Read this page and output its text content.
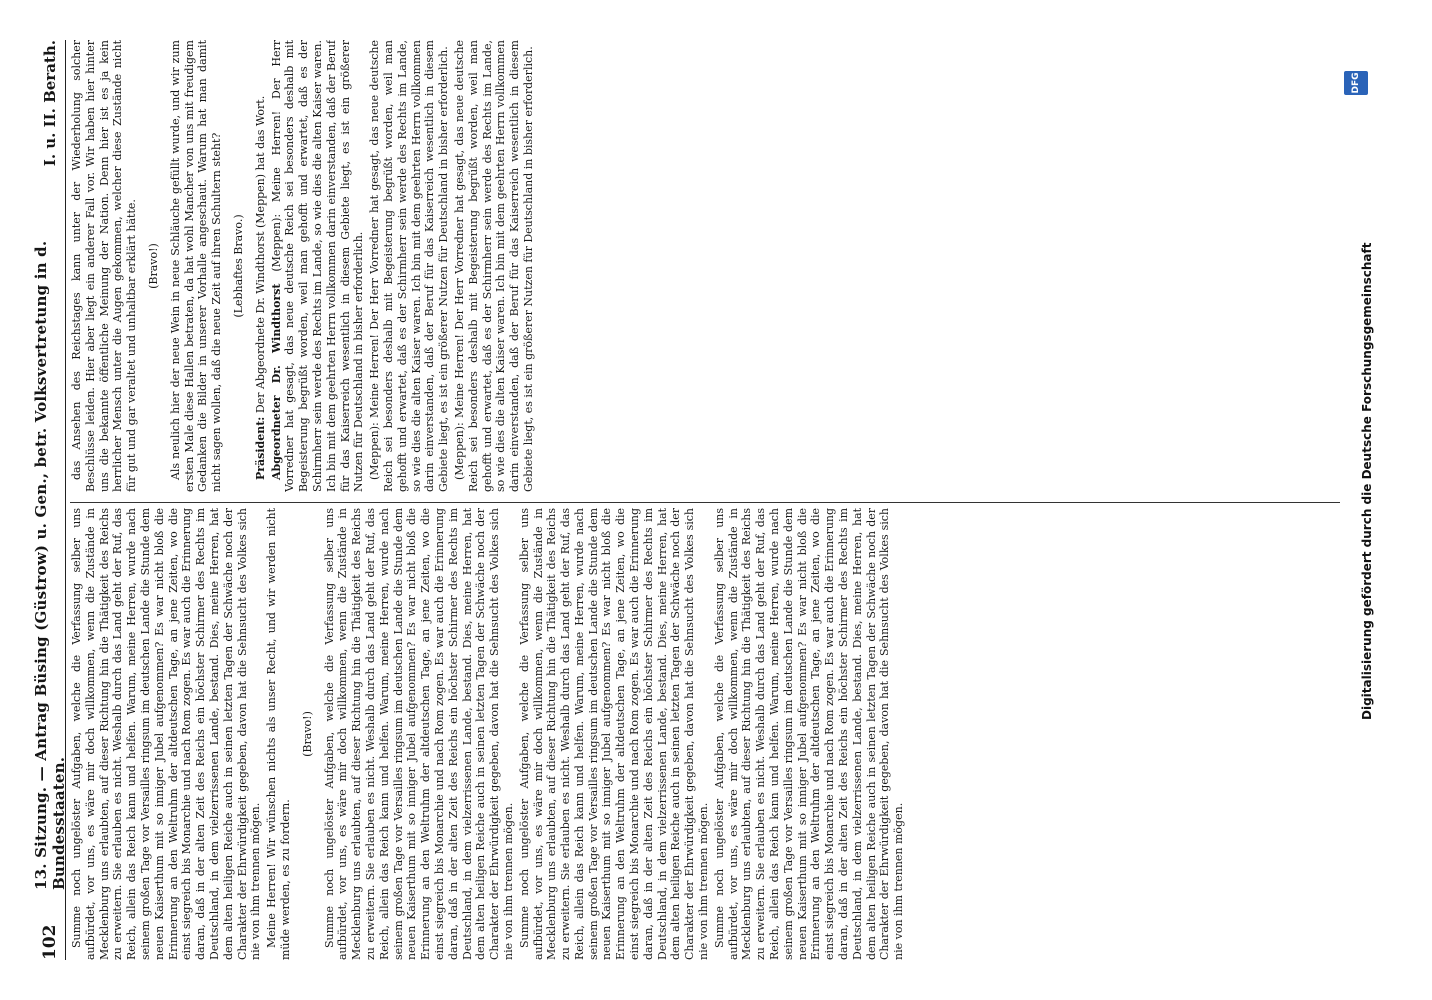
102
13. Sitzung. — Antrag Büsing (Güstrow) u. Gen., betr. Volksvertretung in d. Bundesstaaten.
I. u. II. Berath.

Summe noch ungelöster Aufgaben, welche die Verfassung selber uns aufbürdet, vor uns, es wäre mir doch willkommen, wenn die Zustände in Mecklenburg uns erlaubten, auf dieser Richtung hin die Thätigkeit des Reichs zu erweitern. Sie erlauben es nicht. Weshalb durch das Land geht der Ruf, das Reich, allein das Reich kann und helfen. Warum, meine Herren, wurde nach seinem großen Tage vor Versailles ringsum im deutschen Lande die Stunde dem neuen Kaiserthum mit so inniger Jubel aufgenommen? Es war nicht bloß die Erinnerung an den Weltruhm der altdeutschen Tage, an jene Zeiten, wo die einst siegreich bis Monarchie und nach Rom zogen. Es war auch die Erinnerung daran, daß in der alten Zeit des Reichs ein höchster Schirmer des Rechts im Deutschland, in dem vielzerrissenen Lande, bestand. Dies, meine Herren, hat dem alten heiligen Reiche auch in seinen letzten Tagen der Schwäche noch der Charakter der Ehrwürdigkeit gegeben, davon hat die Sehnsucht des Volkes sich nie von ihm trennen mögen. Meine Herren! Wir wünschen nichts als unser Recht, und wir werden nicht müde werden, es zu fordern.

(Bravo!) Summe noch ungelöster Aufgaben, welche die Verfassung selber uns aufbürdet, vor uns, es wäre mir doch willkommen, wenn die Zustände in Mecklenburg uns erlaubten, auf dieser Richtung hin die Thätigkeit des Reichs zu erweitern. Sie erlauben es nicht. Weshalb durch das Land geht der Ruf, das Reich, allein das Reich kann und helfen. Warum, meine Herren, wurde nach seinem großen Tage vor Versailles ringsum im deutschen Lande die Stunde dem neuen Kaiserthum mit so inniger Jubel aufgenommen? Es war nicht bloß die Erinnerung an den Weltruhm der altdeutschen Tage, an jene Zeiten, wo die einst siegreich bis Monarchie und nach Rom zogen. Es war auch die Erinnerung daran, daß in der alten Zeit des Reichs ein höchster Schirmer des Rechts im Deutschland, in dem vielzerrissenen Lande, bestand. Dies, meine Herren, hat dem alten heiligen Reiche auch in seinen letzten Tagen der Schwäche noch der Charakter der Ehrwürdigkeit gegeben, davon hat die Sehnsucht des Volkes sich nie von ihm trennen mögen. Summe noch ungelöster Aufgaben, welche die Verfassung selber uns aufbürdet, vor uns, es wäre mir doch willkommen, wenn die Zustände in Mecklenburg uns erlaubten, auf dieser Richtung hin die Thätigkeit des Reichs zu erweitern. Sie erlauben es nicht. Weshalb durch das Land geht der Ruf, das Reich, allein das Reich kann und helfen. Warum, meine Herren, wurde nach seinem großen Tage vor Versailles ringsum im deutschen Lande die Stunde dem neuen Kaiserthum mit so inniger Jubel aufgenommen? Es war nicht bloß die Erinnerung an den Weltruhm der altdeutschen Tage, an jene Zeiten, wo die einst siegreich bis Monarchie und nach Rom zogen. Es war auch die Erinnerung daran, daß in der alten Zeit des Reichs ein höchster Schirmer des Rechts im Deutschland, in dem vielzerrissenen Lande, bestand. Dies, meine Herren, hat dem alten heiligen Reiche auch in seinen letzten Tagen der Schwäche noch der Charakter der Ehrwürdigkeit gegeben, davon hat die Sehnsucht des Volkes sich nie von ihm trennen mögen. Summe noch ungelöster Aufgaben, welche die Verfassung selber uns aufbürdet, vor uns, es wäre mir doch willkommen, wenn die Zustände in Mecklenburg uns erlaubten, auf dieser Richtung hin die Thätigkeit des Reichs zu erweitern. Sie erlauben es nicht. Weshalb durch das Land geht der Ruf, das Reich, allein das Reich kann und helfen. Warum, meine Herren, wurde nach seinem großen Tage vor Versailles ringsum im deutschen Lande die Stunde dem neuen Kaiserthum mit so inniger Jubel aufgenommen? Es war nicht bloß die Erinnerung an den Weltruhm der altdeutschen Tage, an jene Zeiten, wo die einst siegreich bis Monarchie und nach Rom zogen. Es war auch die Erinnerung daran, daß in der alten Zeit des Reichs ein höchster Schirmer des Rechts im Deutschland, in dem vielzerrissenen Lande, bestand. Dies, meine Herren, hat dem alten heiligen Reiche auch in seinen letzten Tagen der Schwäche noch der Charakter der Ehrwürdigkeit gegeben, davon hat die Sehnsucht des Volkes sich nie von ihm trennen mögen.

das Ansehen des Reichstages kann unter der Wiederholung solcher Beschlüsse leiden. Hier aber liegt ein anderer Fall vor. Wir haben hier hinter uns die bekannte öffentliche Meinung der Nation. Denn hier ist es ja kein herrlicher Mensch unter die Augen gekommen, welcher diese Zustände nicht für gut und gar veraltet und unhaltbar erklärt hätte. (Bravo!) Als neulich hier der neue Wein in neue Schläuche gefüllt wurde, und wir zum ersten Male diese Hallen betraten, da hat wohl Mancher von uns mit freudigem Gedanken die Bilder in unserer Vorhalle angeschaut. Warum hat man damit nicht sagen wollen, daß die neue Zeit auf ihren Schultern steht? (Lebhaftes Bravo.)

Präsident: Der Abgeordnete Dr. Windthorst (Meppen) hat das Wort. Abgeordneter Dr. Windthorst (Meppen): Meine Herren! Der Herr Vorredner hat gesagt, das neue deutsche Reich sei besonders deshalb mit Begeisterung begrüßt worden, weil man gehofft und erwartet, daß es der Schirmherr sein werde des Rechts im Lande, so wie dies die alten Kaiser waren. Ich bin mit dem geehrten Herrn vollkommen darin einverstanden, daß der Beruf für das Kaiserreich wesentlich in diesem Gebiete liegt, es ist ein größerer Nutzen für Deutschland in bisher erforderlich. (Meppen): Meine Herren! Der Herr Vorredner hat gesagt, das neue deutsche Reich sei besonders deshalb mit Begeisterung begrüßt worden, weil man gehofft und erwartet, daß es der Schirmherr sein werde des Rechts im Lande, so wie dies die alten Kaiser waren. Ich bin mit dem geehrten Herrn vollkommen darin einverstanden, daß der Beruf für das Kaiserreich wesentlich in diesem Gebiete liegt, es ist ein größerer Nutzen für Deutschland in bisher erforderlich. (Meppen): Meine Herren! Der Herr Vorredner hat gesagt, das neue deutsche Reich sei besonders deshalb mit Begeisterung begrüßt worden, weil man gehofft und erwartet, daß es der Schirmherr sein werde des Rechts im Lande, so wie dies die alten Kaiser waren. Ich bin mit dem geehrten Herrn vollkommen darin einverstanden, daß der Beruf für das Kaiserreich wesentlich in diesem Gebiete liegt, es ist ein größerer Nutzen für Deutschland in bisher erforderlich.	Digitalisierung gefördert durch die Deutsche Forschungsgemeinschaft
DFG
